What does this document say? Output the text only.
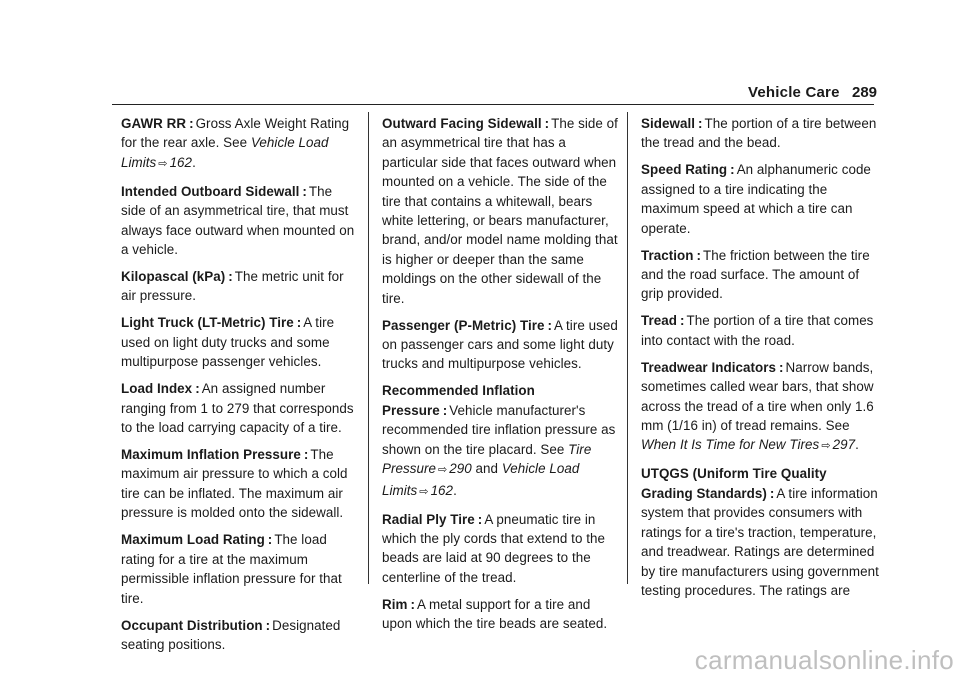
Vehicle Care 289

GAWR RR : Gross Axle Weight Rating for the rear axle. See Vehicle Load Limits ⇨ 162.

Intended Outboard Sidewall : The side of an asymmetrical tire, that must always face outward when mounted on a vehicle.

Kilopascal (kPa) : The metric unit for air pressure.

Light Truck (LT-Metric) Tire : A tire used on light duty trucks and some multipurpose passenger vehicles.

Load Index : An assigned number ranging from 1 to 279 that corresponds to the load carrying capacity of a tire.

Maximum Inflation Pressure : The maximum air pressure to which a cold tire can be inflated. The maximum air pressure is molded onto the sidewall.

Maximum Load Rating : The load rating for a tire at the maximum permissible inflation pressure for that tire.

Occupant Distribution : Designated seating positions.

Outward Facing Sidewall : The side of an asymmetrical tire that has a particular side that faces outward when mounted on a vehicle. The side of the tire that contains a whitewall, bears white lettering, or bears manufacturer, brand, and/or model name molding that is higher or deeper than the same moldings on the other sidewall of the tire.

Passenger (P-Metric) Tire : A tire used on passenger cars and some light duty trucks and multipurpose vehicles.

Recommended Inflation Pressure : Vehicle manufacturer's recommended tire inflation pressure as shown on the tire placard. See Tire Pressure ⇨ 290 and Vehicle Load Limits ⇨ 162.

Radial Ply Tire : A pneumatic tire in which the ply cords that extend to the beads are laid at 90 degrees to the centerline of the tread.

Rim : A metal support for a tire and upon which the tire beads are seated.

Sidewall : The portion of a tire between the tread and the bead.

Speed Rating : An alphanumeric code assigned to a tire indicating the maximum speed at which a tire can operate.

Traction : The friction between the tire and the road surface. The amount of grip provided.

Tread : The portion of a tire that comes into contact with the road.

Treadwear Indicators : Narrow bands, sometimes called wear bars, that show across the tread of a tire when only 1.6 mm (1/16 in) of tread remains. See When It Is Time for New Tires ⇨ 297.

UTQGS (Uniform Tire Quality Grading Standards) : A tire information system that provides consumers with ratings for a tire's traction, temperature, and treadwear. Ratings are determined by tire manufacturers using government testing procedures. The ratings are

carmanualsonline.info
